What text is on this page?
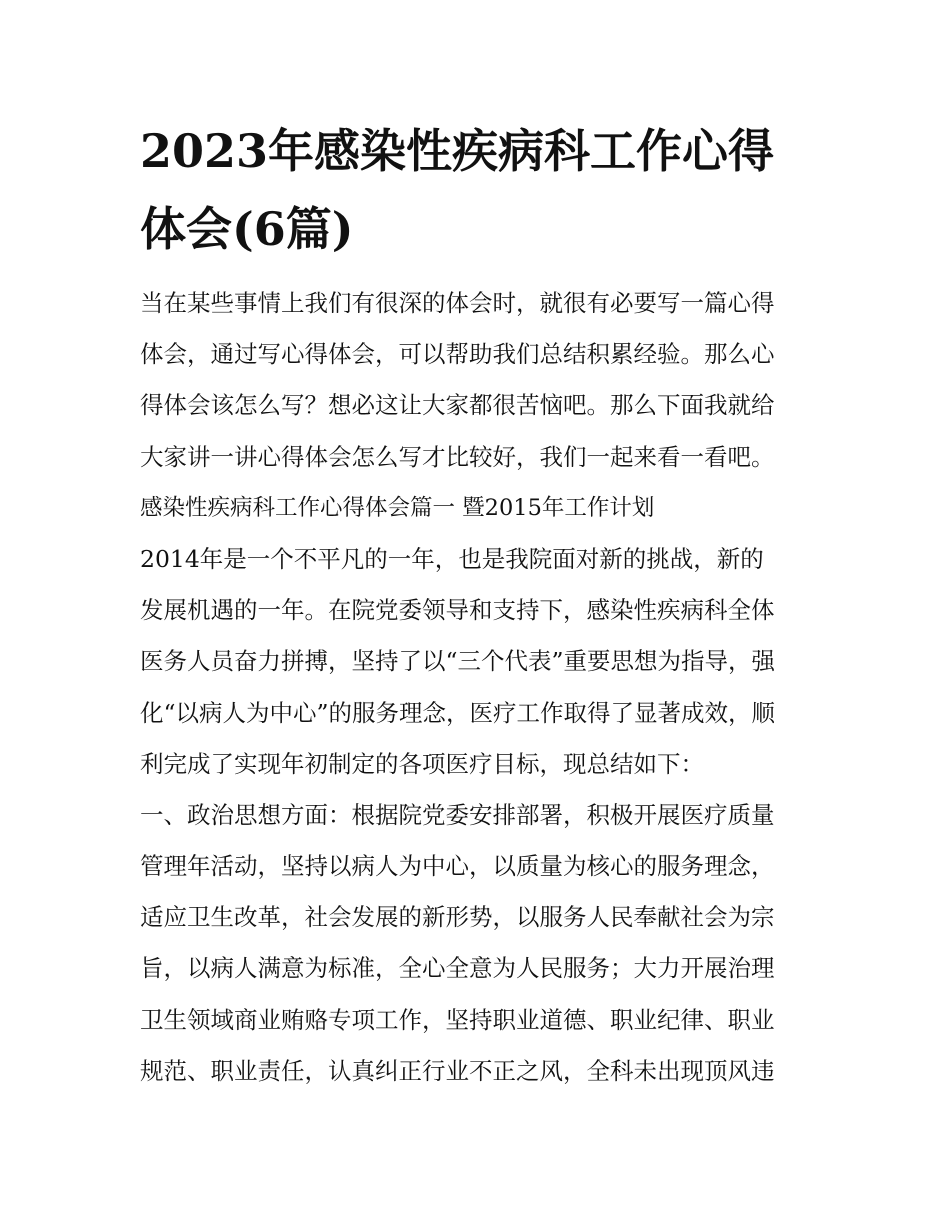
2023年感染性疾病科工作心得
体会(6篇)
当在某些事情上我们有很深的体会时，就很有必要写一篇心得
体会，通过写心得体会，可以帮助我们总结积累经验。那么心
得体会该怎么写？想必这让大家都很苦恼吧。那么下面我就给
大家讲一讲心得体会怎么写才比较好，我们一起来看一看吧。
感染性疾病科工作心得体会篇一 暨2015年工作计划
2014年是一个不平凡的一年，也是我院面对新的挑战，新的
发展机遇的一年。在院党委领导和支持下，感染性疾病科全体
医务人员奋力拼搏，坚持了以“三个代表”重要思想为指导，强
化“以病人为中心”的服务理念，医疗工作取得了显著成效，顺
利完成了实现年初制定的各项医疗目标，现总结如下：
一、政治思想方面：根据院党委安排部署，积极开展医疗质量
管理年活动，坚持以病人为中心，以质量为核心的服务理念，
适应卫生改革，社会发展的新形势，以服务人民奉献社会为宗
旨，以病人满意为标准，全心全意为人民服务；大力开展治理
卫生领域商业贿赂专项工作，坚持职业道德、职业纪律、职业
规范、职业责任，认真纠正行业不正之风，全科未出现顶风违
